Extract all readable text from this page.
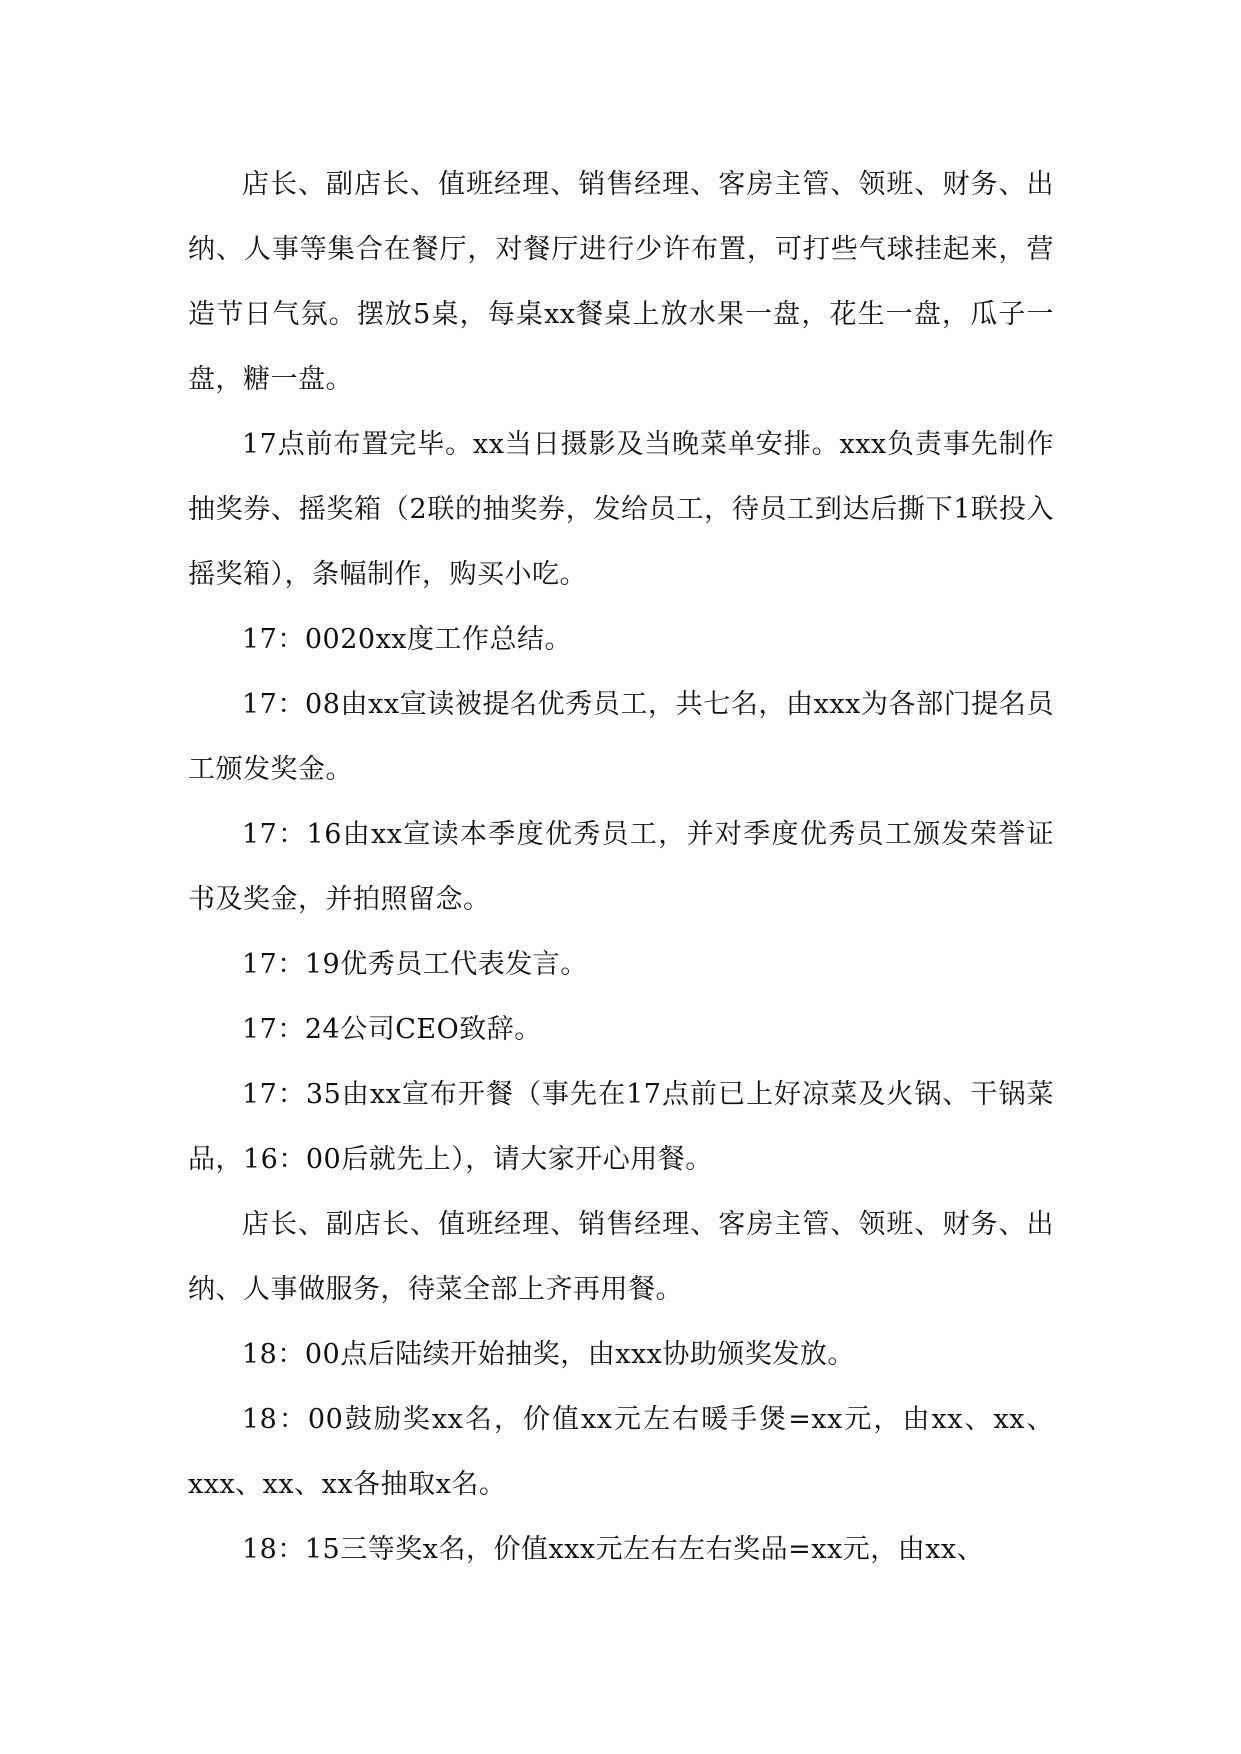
店长、副店长、值班经理、销售经理、客房主管、领班、财务、出纳、人事等集合在餐厅，对餐厅进行少许布置，可打些气球挂起来，营造节日气氛。摆放5桌，每桌xx餐桌上放水果一盘，花生一盘，瓜子一盘，糖一盘。

17点前布置完毕。xx当日摄影及当晚菜单安排。xxx负责事先制作抽奖券、摇奖箱（2联的抽奖券，发给员工，待员工到达后撕下1联投入摇奖箱），条幅制作，购买小吃。

17：0020xx度工作总结。

17：08由xx宣读被提名优秀员工，共七名，由xxx为各部门提名员工颁发奖金。

17：16由xx宣读本季度优秀员工，并对季度优秀员工颁发荣誉证书及奖金，并拍照留念。

17：19优秀员工代表发言。

17：24公司CEO致辞。

17：35由xx宣布开餐（事先在17点前已上好凉菜及火锅、干锅菜品，16：00后就先上），请大家开心用餐。

店长、副店长、值班经理、销售经理、客房主管、领班、财务、出纳、人事做服务，待菜全部上齐再用餐。

18：00点后陆续开始抽奖，由xxx协助颁奖发放。

18：00鼓励奖xx名，价值xx元左右暖手煲=xx元，由xx、xx、xxx、xx、xx各抽取x名。

18：15三等奖x名，价值xxx元左右左右奖品=xx元，由xx、
